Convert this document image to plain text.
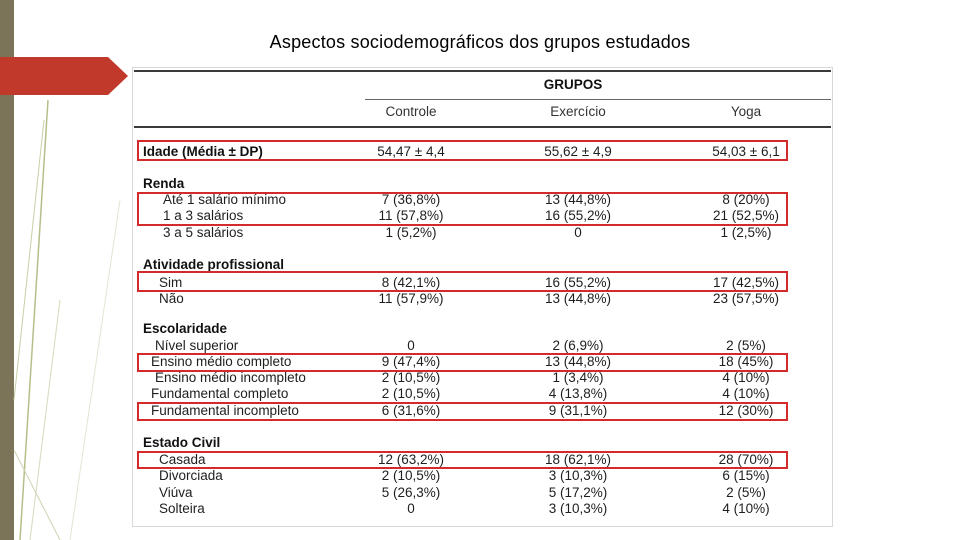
Aspectos sociodemográficos dos grupos estudados
GRUPOS
Controle	Exercício	Yoga
Idade (Média ± DP)	54,47 ± 4,4	55,62 ± 4,9	54,03 ± 6,1
Renda
Até 1 salário mínimo	7 (36,8%)	13 (44,8%)	8 (20%)
1 a 3 salários	11 (57,8%)	16 (55,2%)	21 (52,5%)
3 a 5 salários	1 (5,2%)	0	1 (2,5%)
Atividade profissional
Sim	8 (42,1%)	16 (55,2%)	17 (42,5%)
Não	11 (57,9%)	13 (44,8%)	23 (57,5%)
Escolaridade
Nível superior	0	2 (6,9%)	2 (5%)
Ensino médio completo	9 (47,4%)	13 (44,8%)	18 (45%)
Ensino médio incompleto	2 (10,5%)	1 (3,4%)	4 (10%)
Fundamental completo	2 (10,5%)	4 (13,8%)	4 (10%)
Fundamental incompleto	6 (31,6%)	9 (31,1%)	12 (30%)
Estado Civil
Casada	12 (63,2%)	18 (62,1%)	28 (70%)
Divorciada	2 (10,5%)	3 (10,3%)	6 (15%)
Viúva	5 (26,3%)	5 (17,2%)	2 (5%)
Solteira	0	3 (10,3%)	4 (10%)
